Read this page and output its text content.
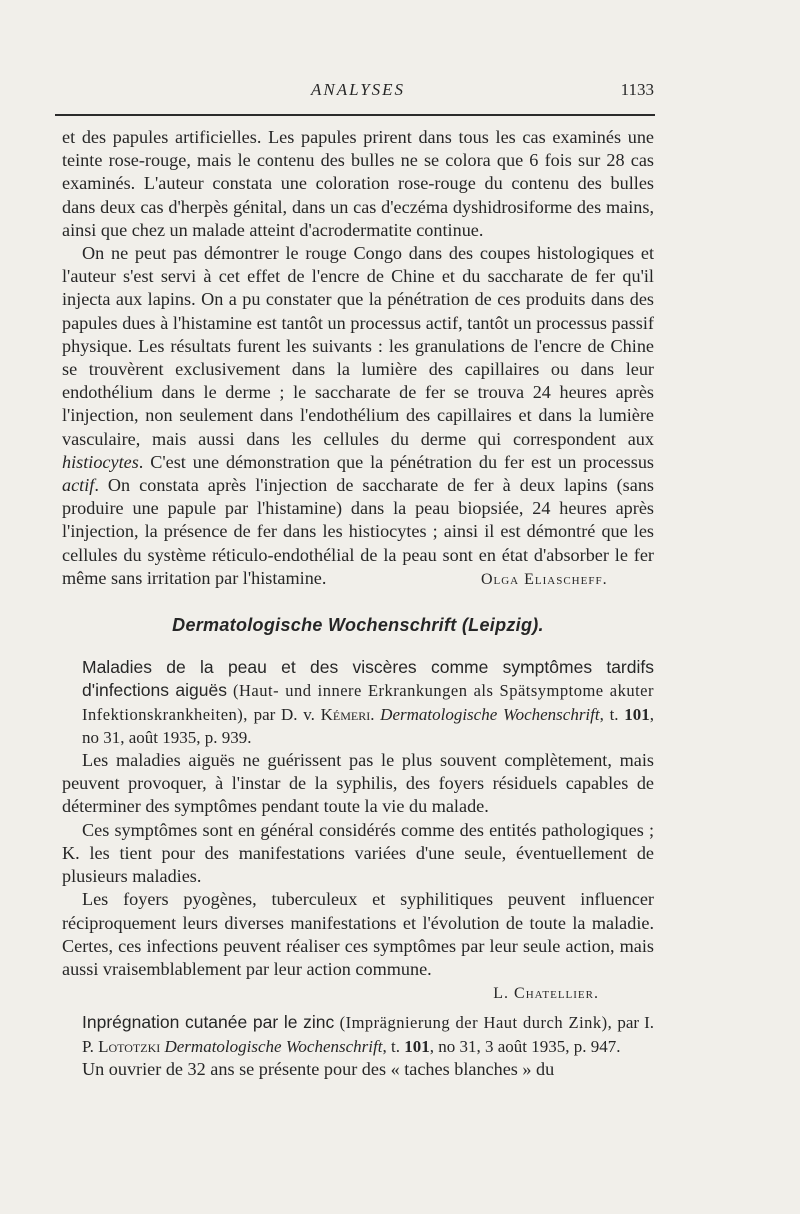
ANALYSES	1133

et des papules artificielles. Les papules prirent dans tous les cas examinés une teinte rose-rouge, mais le contenu des bulles ne se colora que 6 fois sur 28 cas examinés. L'auteur constata une coloration rose-rouge du contenu des bulles dans deux cas d'herpès génital, dans un cas d'eczéma dyshidrosiforme des mains, ainsi que chez un malade atteint d'acrodermatite continue.

On ne peut pas démontrer le rouge Congo dans des coupes histologiques et l'auteur s'est servi à cet effet de l'encre de Chine et du saccharate de fer qu'il injecta aux lapins. On a pu constater que la pénétration de ces produits dans des papules dues à l'histamine est tantôt un processus actif, tantôt un processus passif physique. Les résultats furent les suivants : les granulations de l'encre de Chine se trouvèrent exclusivement dans la lumière des capillaires ou dans leur endothélium dans le derme ; le saccharate de fer se trouva 24 heures après l'injection, non seulement dans l'endothélium des capillaires et dans la lumière vasculaire, mais aussi dans les cellules du derme qui correspondent aux histiocytes. C'est une démonstration que la pénétration du fer est un processus actif. On constata après l'injection de saccharate de fer à deux lapins (sans produire une papule par l'histamine) dans la peau biopsiée, 24 heures après l'injection, la présence de fer dans les histiocytes ; ainsi il est démontré que les cellules du système réticulo-endothélial de la peau sont en état d'absorber le fer même sans irritation par l'histamine.	Olga Eliascheff.

Dermatologische Wochenschrift (Leipzig).

Maladies de la peau et des viscères comme symptômes tardifs d'infections aiguës (Haut- und innere Erkrankungen als Spätsymptome akuter Infektionskrankheiten), par D. v. Kémeri. Dermatologische Wochenschrift, t. 101, no 31, août 1935, p. 939.

Les maladies aiguës ne guérissent pas le plus souvent complètement, mais peuvent provoquer, à l'instar de la syphilis, des foyers résiduels capables de déterminer des symptômes pendant toute la vie du malade.

Ces symptômes sont en général considérés comme des entités pathologiques ; K. les tient pour des manifestations variées d'une seule, éventuellement de plusieurs maladies.

Les foyers pyogènes, tuberculeux et syphilitiques peuvent influencer réciproquement leurs diverses manifestations et l'évolution de toute la maladie. Certes, ces infections peuvent réaliser ces symptômes par leur seule action, mais aussi vraisemblablement par leur action commune.

L. Chatellier.

Inprégnation cutanée par le zinc (Imprägnierung der Haut durch Zink), par I. P. Lototzki Dermatologische Wochenschrift, t. 101, no 31, 3 août 1935, p. 947.

Un ouvrier de 32 ans se présente pour des « taches blanches » du
